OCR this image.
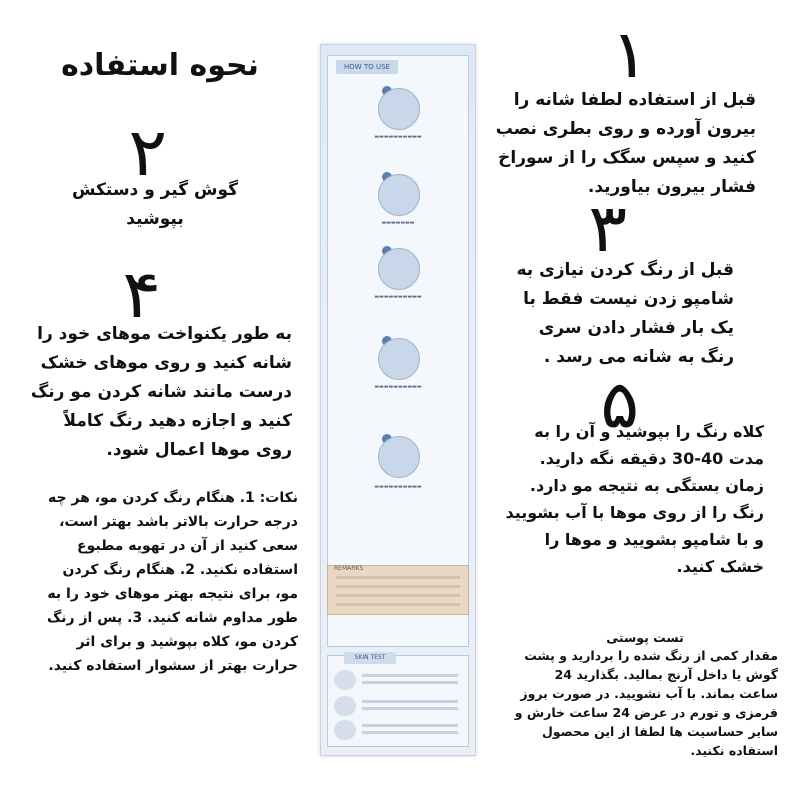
نحوه استفاده	۱
قبل از استفاده لطفا شانه را بیرون آورده و روی بطری نصب کنید و سپس سگک را از سوراخ فشار بیرون بیاورید.
۲
گوش گیر و دستکش بپوشید	۳
قبل از رنگ کردن نیازی به شامپو زدن نیست فقط با یک بار فشار دادن سری رنگ به شانه می رسد .
۴
به طور یکنواخت موهای خود را شانه کنید و روی موهای خشک درست مانند شانه کردن مو رنگ کنید و اجازه دهید رنگ کاملاً روی موها اعمال شود.
۵
کلاه رنگ را بپوشید و آن را به مدت 40-30 دقیقه نگه دارید. زمان بستگی به نتیجه مو دارد. رنگ را از روی موها با آب بشویید و با شامپو بشویید و موها را خشک کنید.
نکات: 1. هنگام رنگ کردن مو، هر چه درجه حرارت بالاتر باشد بهتر است، سعی کنید از آن در تهویه مطبوع استفاده نکنید. 2. هنگام رنگ کردن مو، برای نتیجه بهتر موهای خود را به طور مداوم شانه کنید. 3. پس از رنگ کردن مو، کلاه بپوشید و برای اثر حرارت بهتر از سشوار استفاده کنید.
تست پوستی
مقدار کمی از رنگ شده را بردارید و پشت گوش یا داخل آرنج بمالید. بگذارید 24 ساعت بماند. با آب نشویید. در صورت بروز قرمزی و تورم در عرض 24 ساعت خارش و سایر حساسیت ها لطفا از این محصول استفاده نکنید.
HOW TO USE
▬▬▬▬▬▬▬▬▬▬
▬▬▬▬▬▬▬
▬▬▬▬▬▬▬▬▬▬
▬▬▬▬▬▬▬▬▬▬
▬▬▬▬▬▬▬▬▬▬
REMARKS
SKIN TEST
